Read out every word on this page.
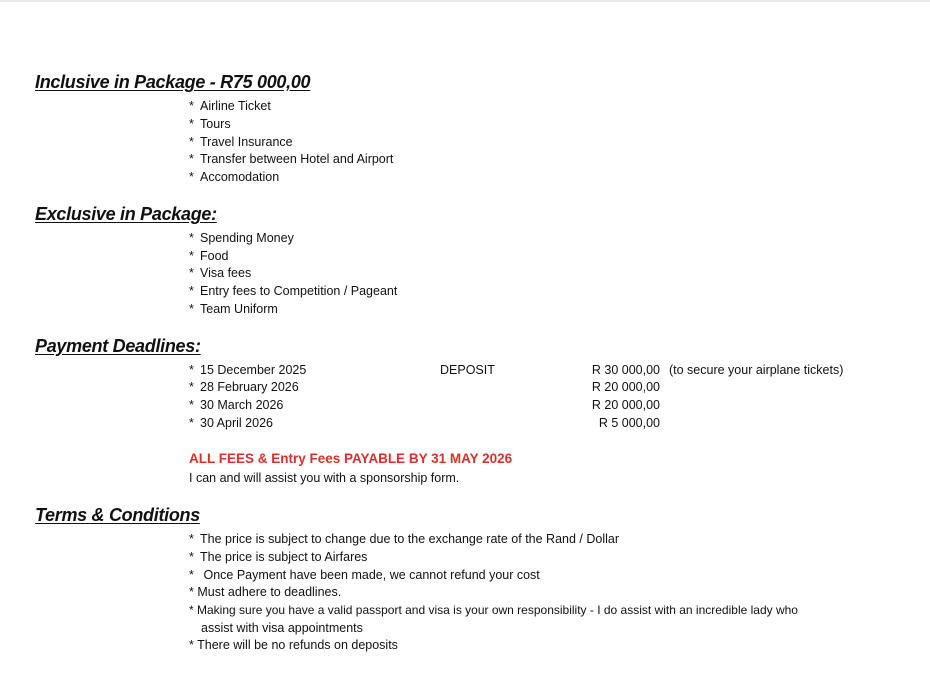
Inclusive in Package - R75 000,00
* Airline Ticket
* Tours
* Travel Insurance
* Transfer between Hotel and Airport
* Accomodation
Exclusive in Package:
* Spending Money
* Food
* Visa fees
* Entry fees to Competition / Pageant
* Team Uniform
Payment Deadlines:
* 15 December 2025	DEPOSIT	R 30 000,00 (to secure your airplane tickets)
* 28 February 2026	R 20 000,00
* 30 March 2026	R 20 000,00
* 30 April 2026	R 5 000,00
ALL FEES & Entry Fees PAYABLE BY 31 MAY 2026
I can and will assist you with a sponsorship form.
Terms & Conditions
* The price is subject to change due to the exchange rate of the Rand / Dollar
* The price is subject to Airfares
* Once Payment have been made, we cannot refund your cost
* Must adhere to deadlines.
* Making sure you have a valid passport and visa is your own responsibility - I do assist with an incredible lady who
assist with visa appointments
* There will be no refunds on deposits
